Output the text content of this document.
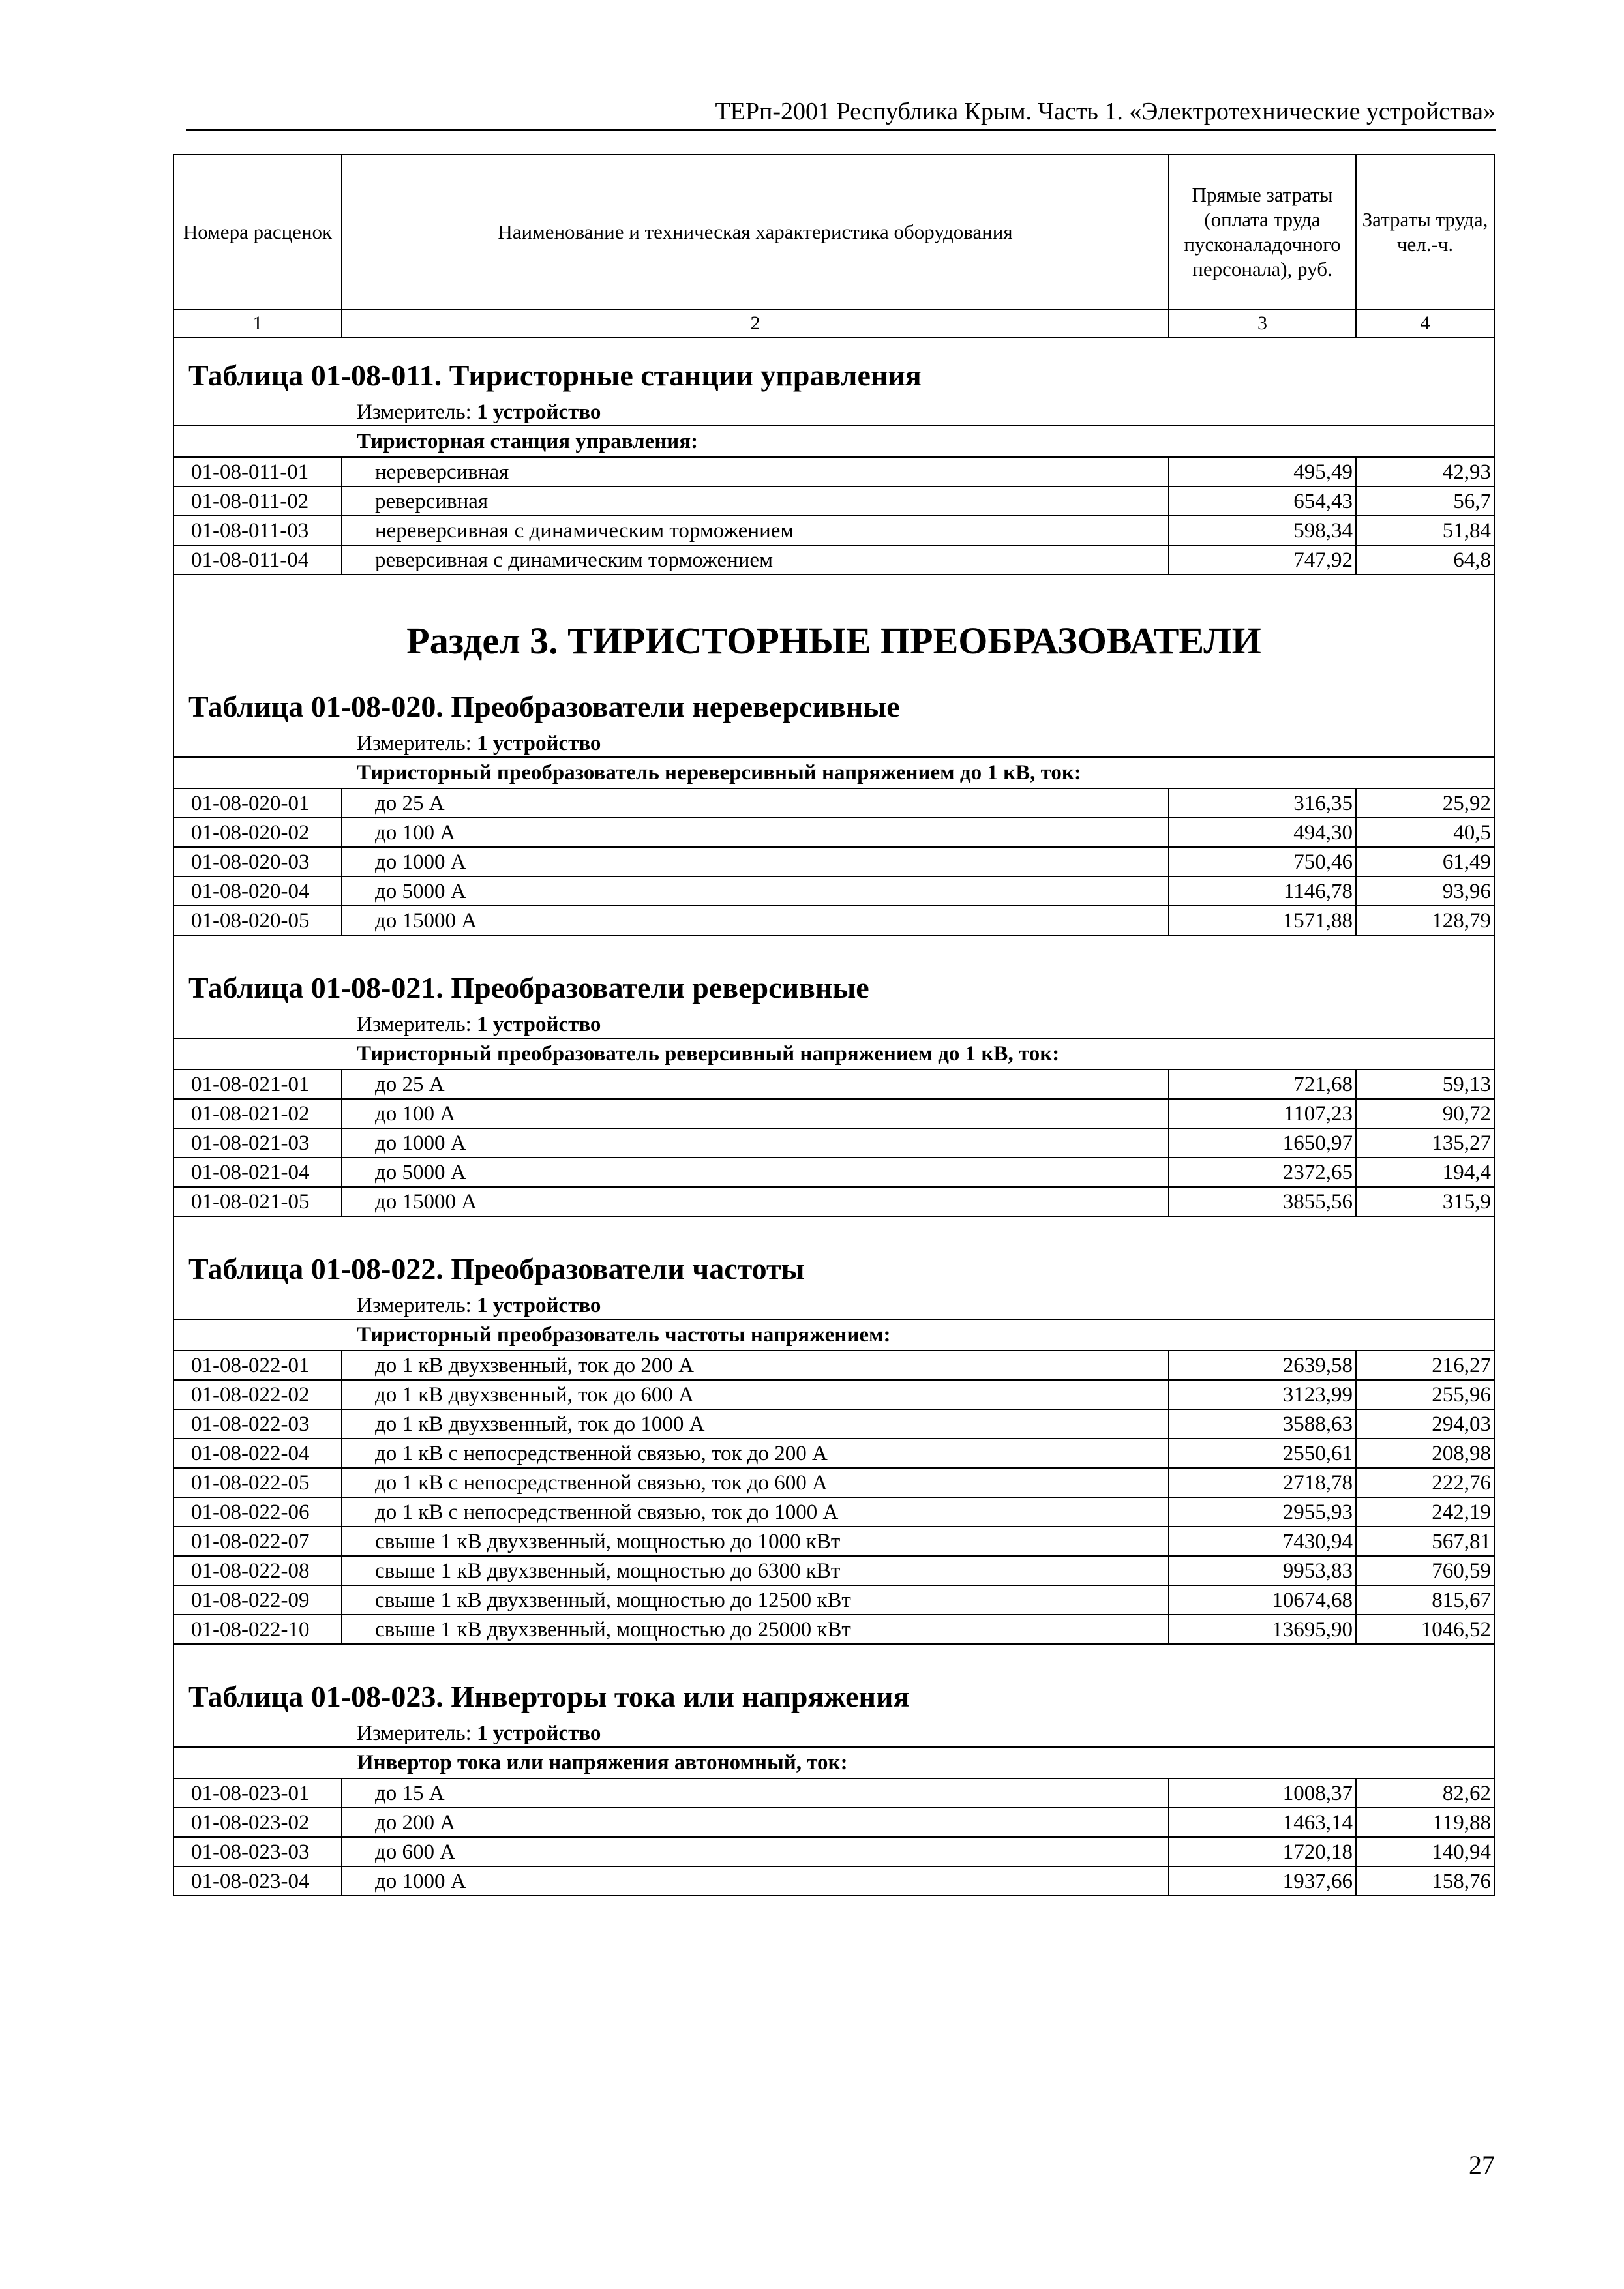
ТЕРп-2001 Республика Крым. Часть 1. «Электротехнические устройства»
Номера расценок	Наименование и техническая характеристика оборудования	Прямые затраты (оплата труда пусконаладочного персонала), руб.	Затраты труда, чел.-ч.
1	2	3	4
Таблица 01-08-011. Тиристорные станции управления			
Измеритель: 1 устройство			
Тиристорная станция управления:			
01-08-011-01	нереверсивная	495,49	42,93
01-08-011-02	реверсивная	654,43	56,7
01-08-011-03	нереверсивная с динамическим торможением	598,34	51,84
01-08-011-04	реверсивная с динамическим торможением	747,92	64,8
Раздел 3. ТИРИСТОРНЫЕ ПРЕОБРАЗОВАТЕЛИ			
Таблица 01-08-020. Преобразователи нереверсивные			
Измеритель: 1 устройство			
Тиристорный преобразователь нереверсивный напряжением до 1 кВ, ток:			
01-08-020-01	до 25 А	316,35	25,92
01-08-020-02	до 100 А	494,30	40,5
01-08-020-03	до 1000 А	750,46	61,49
01-08-020-04	до 5000 А	1146,78	93,96
01-08-020-05	до 15000 А	1571,88	128,79

Таблица 01-08-021. Преобразователи реверсивные			
Измеритель: 1 устройство			
Тиристорный преобразователь реверсивный напряжением до 1 кВ, ток:			
01-08-021-01	до 25 А	721,68	59,13
01-08-021-02	до 100 А	1107,23	90,72
01-08-021-03	до 1000 А	1650,97	135,27
01-08-021-04	до 5000 А	2372,65	194,4
01-08-021-05	до 15000 А	3855,56	315,9

Таблица 01-08-022. Преобразователи частоты			
Измеритель: 1 устройство			
Тиристорный преобразователь частоты напряжением:			
01-08-022-01	до 1 кВ двухзвенный, ток до 200 А	2639,58	216,27
01-08-022-02	до 1 кВ двухзвенный, ток до 600 А	3123,99	255,96
01-08-022-03	до 1 кВ двухзвенный, ток до 1000 А	3588,63	294,03
01-08-022-04	до 1 кВ с непосредственной связью, ток до 200 А	2550,61	208,98
01-08-022-05	до 1 кВ с непосредственной связью, ток до 600 А	2718,78	222,76
01-08-022-06	до 1 кВ с непосредственной связью, ток до 1000 А	2955,93	242,19
01-08-022-07	свыше 1 кВ двухзвенный, мощностью до 1000 кВт	7430,94	567,81
01-08-022-08	свыше 1 кВ двухзвенный, мощностью до 6300 кВт	9953,83	760,59
01-08-022-09	свыше 1 кВ двухзвенный, мощностью до 12500 кВт	10674,68	815,67
01-08-022-10	свыше 1 кВ двухзвенный, мощностью до 25000 кВт	13695,90	1046,52

Таблица 01-08-023. Инверторы тока или напряжения			
Измеритель: 1 устройство			
Инвертор тока или напряжения автономный, ток:			
01-08-023-01	до 15 А	1008,37	82,62
01-08-023-02	до 200 А	1463,14	119,88
01-08-023-03	до 600 А	1720,18	140,94
01-08-023-04	до 1000 А	1937,66	158,76
27
